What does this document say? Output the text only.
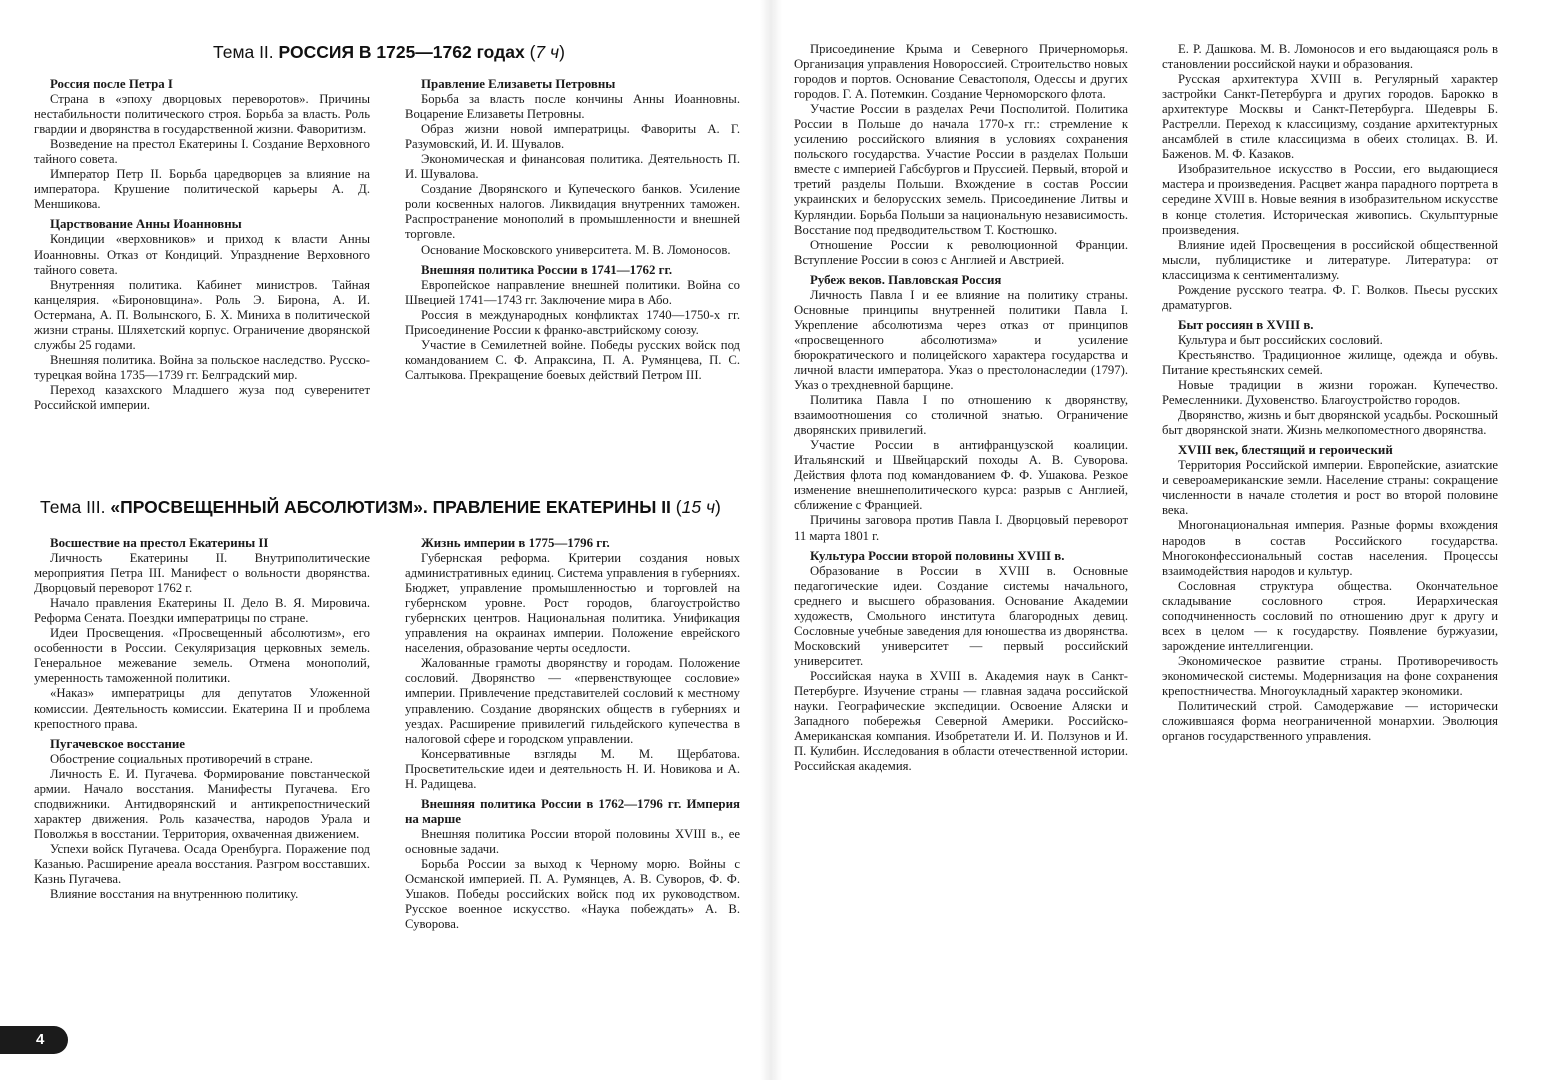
Тема II. РОССИЯ В 1725—1762 годах (7 ч)
Россия после Петра I

Страна в «эпоху дворцовых переворотов». Причины нестабильности политического строя. Борьба за власть. Роль гвардии и дворянства в государственной жизни. Фаворитизм.

Возведение на престол Екатерины I. Создание Верховного тайного совета.

Император Петр II. Борьба царедворцев за влияние на императора. Крушение политической карьеры А. Д. Меншикова.

Царствование Анны Иоанновны

Кондиции «верховников» и приход к власти Анны Иоанновны. Отказ от Кондиций. Упразднение Верховного тайного совета.

Внутренняя политика. Кабинет министров. Тайная канцелярия. «Бироновщина». Роль Э. Бирона, А. И. Остермана, А. П. Волынского, Б. Х. Миниха в политической жизни страны. Шляхетский корпус. Ограничение дворянской службы 25 годами.

Внешняя политика. Война за польское наследство. Русско-турецкая война 1735—1739 гг. Белградский мир.

Переход казахского Младшего жуза под суверенитет Российской империи.

Правление Елизаветы Петровны

Борьба за власть после кончины Анны Иоанновны. Воцарение Елизаветы Петровны.

Образ жизни новой императрицы. Фавориты А. Г. Разумовский, И. И. Шувалов.

Экономическая и финансовая политика. Деятельность П. И. Шувалова.

Создание Дворянского и Купеческого банков. Усиление роли косвенных налогов. Ликвидация внутренних таможен. Распространение монополий в промышленности и внешней торговле.

Основание Московского университета. М. В. Ломоносов.

Внешняя политика России в 1741—1762 гг.

Европейское направление внешней политики. Война со Швецией 1741—1743 гг. Заключение мира в Або.

Россия в международных конфликтах 1740—1750-х гг. Присоединение России к франко-австрийскому союзу.

Участие в Семилетней войне. Победы русских войск под командованием С. Ф. Апраксина, П. А. Румянцева, П. С. Салтыкова. Прекращение боевых действий Петром III.

Тема III. «ПРОСВЕЩЕННЫЙ АБСОЛЮТИЗМ». ПРАВЛЕНИЕ ЕКАТЕРИНЫ II (15 ч)
Восшествие на престол Екатерины II

Личность Екатерины II. Внутриполитические мероприятия Петра III. Манифест о вольности дворянства. Дворцовый переворот 1762 г.

Начало правления Екатерины II. Дело В. Я. Мировича. Реформа Сената. Поездки императрицы по стране.

Идеи Просвещения. «Просвещенный абсолютизм», его особенности в России. Секуляризация церковных земель. Генеральное межевание земель. Отмена монополий, умеренность таможенной политики.

«Наказ» императрицы для депутатов Уложенной комиссии. Деятельность комиссии. Екатерина II и проблема крепостного права.

Пугачевское восстание

Обострение социальных противоречий в стране.

Личность Е. И. Пугачева. Формирование повстанческой армии. Начало восстания. Манифесты Пугачева. Его сподвижники. Антидворянский и антикрепостнический характер движения. Роль казачества, народов Урала и Поволжья в восстании. Территория, охваченная движением.

Успехи войск Пугачева. Осада Оренбурга. Поражение под Казанью. Расширение ареала восстания. Разгром восставших. Казнь Пугачева.

Влияние восстания на внутреннюю политику.

Жизнь империи в 1775—1796 гг.

Губернская реформа. Критерии создания новых административных единиц. Система управления в губерниях. Бюджет, управление промышленностью и торговлей на губернском уровне. Рост городов, благоустройство губернских центров. Национальная политика. Унификация управления на окраинах империи. Положение еврейского населения, образование черты оседлости.

Жалованные грамоты дворянству и городам. Положение сословий. Дворянство — «первенствующее сословие» империи. Привлечение представителей сословий к местному управлению. Создание дворянских обществ в губерниях и уездах. Расширение привилегий гильдейского купечества в налоговой сфере и городском управлении.

Консервативные взгляды М. М. Щербатова. Просветительские идеи и деятельность Н. И. Новикова и А. Н. Радищева.

Внешняя политика России в 1762—1796 гг. Империя на марше

Внешняя политика России второй половины XVIII в., ее основные задачи.

Борьба России за выход к Черному морю. Войны с Османской империей. П. А. Румянцев, А. В. Суворов, Ф. Ф. Ушаков. Победы российских войск под их руководством. Русское военное искусство. «Наука побеждать» А. В. Суворова.

Присоединение Крыма и Северного Причерноморья. Организация управления Новороссией. Строительство новых городов и портов. Основание Севастополя, Одессы и других городов. Г. А. Потемкин. Создание Черноморского флота.

Участие России в разделах Речи Посполитой. Политика России в Польше до начала 1770-х гг.: стремление к усилению российского влияния в условиях сохранения польского государства. Участие России в разделах Польши вместе с империей Габсбургов и Пруссией. Первый, второй и третий разделы Польши. Вхождение в состав России украинских и белорусских земель. Присоединение Литвы и Курляндии. Борьба Польши за национальную независимость. Восстание под предводительством Т. Костюшко.

Отношение России к революционной Франции. Вступление России в союз с Англией и Австрией.

Рубеж веков. Павловская Россия

Личность Павла I и ее влияние на политику страны. Основные принципы внутренней политики Павла I. Укрепление абсолютизма через отказ от принципов «просвещенного абсолютизма» и усиление бюрократического и полицейского характера государства и личной власти императора. Указ о престолонаследии (1797). Указ о трехдневной барщине.

Политика Павла I по отношению к дворянству, взаимоотношения со столичной знатью. Ограничение дворянских привилегий.

Участие России в антифранцузской коалиции. Итальянский и Швейцарский походы А. В. Суворова. Действия флота под командованием Ф. Ф. Ушакова. Резкое изменение внешнеполитического курса: разрыв с Англией, сближение с Францией.

Причины заговора против Павла I. Дворцовый переворот 11 марта 1801 г.

Культура России второй половины XVIII в.

Образование в России в XVIII в. Основные педагогические идеи. Создание системы начального, среднего и высшего образования. Основание Академии художеств, Смольного института благородных девиц. Сословные учебные заведения для юношества из дворянства. Московский университет — первый российский университет.

Российская наука в XVIII в. Академия наук в Санкт-Петербурге. Изучение страны — главная задача российской науки. Географические экспедиции. Освоение Аляски и Западного побережья Северной Америки. Российско-Американская компания. Изобретатели И. И. Ползунов и И. П. Кулибин. Исследования в области отечественной истории. Российская академия.

Е. Р. Дашкова. М. В. Ломоносов и его выдающаяся роль в становлении российской науки и образования.

Русская архитектура XVIII в. Регулярный характер застройки Санкт-Петербурга и других городов. Барокко в архитектуре Москвы и Санкт-Петербурга. Шедевры Б. Растрелли. Переход к классицизму, создание архитектурных ансамблей в стиле классицизма в обеих столицах. В. И. Баженов. М. Ф. Казаков.

Изобразительное искусство в России, его выдающиеся мастера и произведения. Расцвет жанра парадного портрета в середине XVIII в. Новые веяния в изобразительном искусстве в конце столетия. Историческая живопись. Скульптурные произведения.

Влияние идей Просвещения в российской общественной мысли, публицистике и литературе. Литература: от классицизма к сентиментализму.

Рождение русского театра. Ф. Г. Волков. Пьесы русских драматургов.

Быт россиян в XVIII в.

Культура и быт российских сословий.

Крестьянство. Традиционное жилище, одежда и обувь. Питание крестьянских семей.

Новые традиции в жизни горожан. Купечество. Ремесленники. Духовенство. Благоустройство городов.

Дворянство, жизнь и быт дворянской усадьбы. Роскошный быт дворянской знати. Жизнь мелкопоместного дворянства.

XVIII век, блестящий и героический

Территория Российской империи. Европейские, азиатские и североамериканские земли. Население страны: сокращение численности в начале столетия и рост во второй половине века.

Многонациональная империя. Разные формы вхождения народов в состав Российского государства. Многоконфессиональный состав населения. Процессы взаимодействия народов и культур.

Сословная структура общества. Окончательное складывание сословного строя. Иерархическая соподчиненность сословий по отношению друг к другу и всех в целом — к государству. Появление буржуазии, зарождение интеллигенции.

Экономическое развитие страны. Противоречивость экономической системы. Модернизация на фоне сохранения крепостничества. Многоукладный характер экономики.

Политический строй. Самодержавие — исторически сложившаяся форма неограниченной монархии. Эволюция органов государственного управления.

4
